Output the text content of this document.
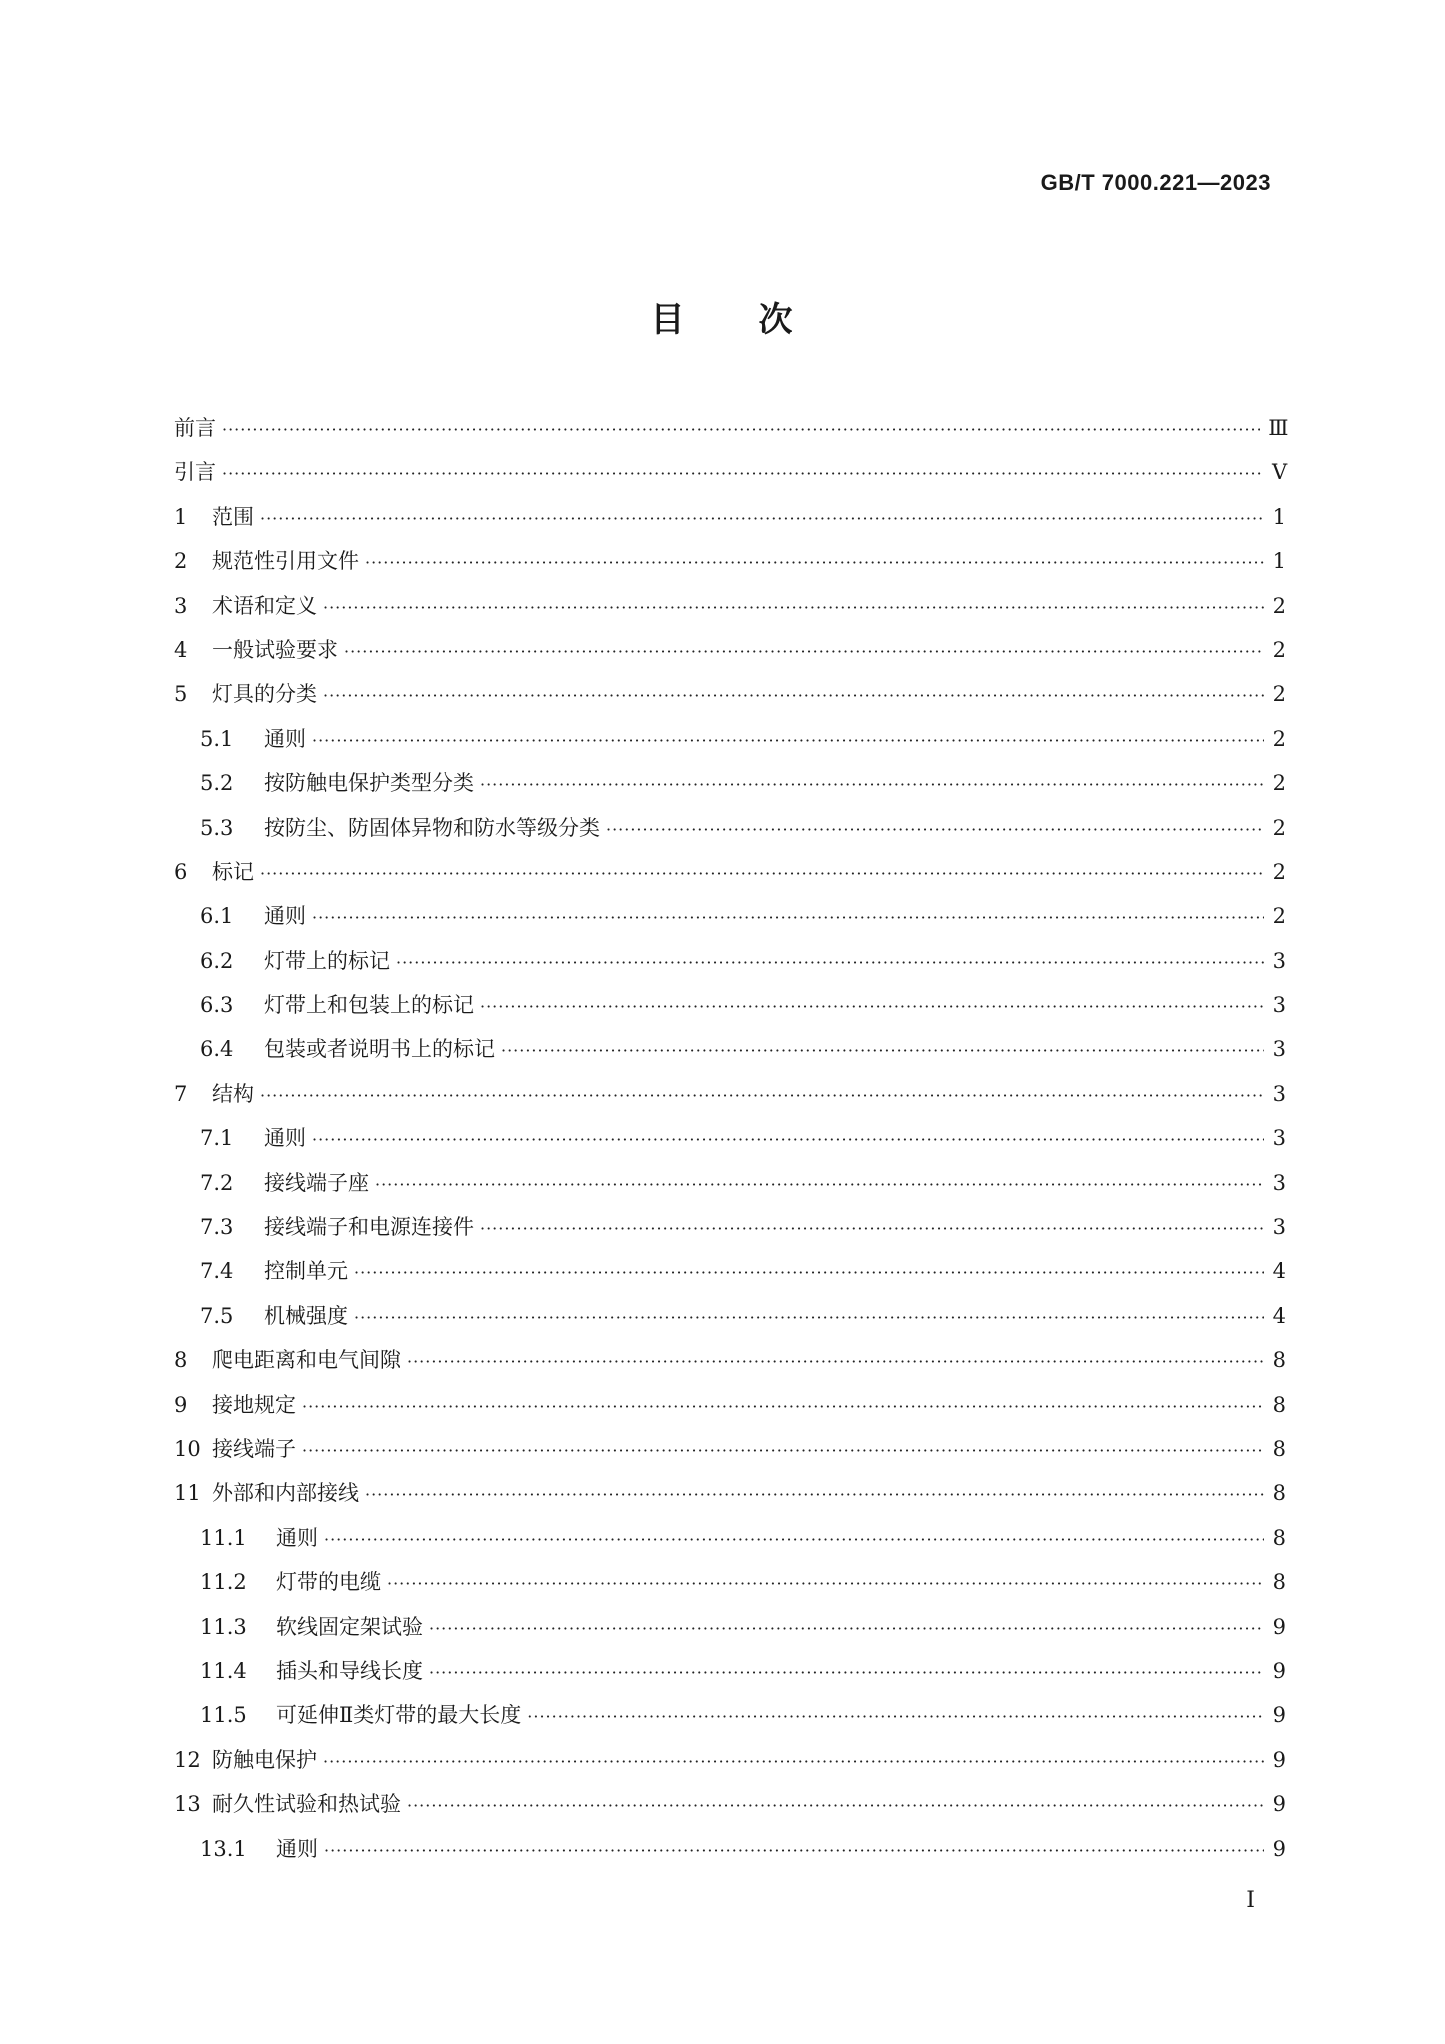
GB/T 7000.221—2023
目 次
前言 ·····	Ⅲ
引言 ·····	Ⅴ
1	范围 ·····	1
2	规范性引用文件 ·····	1
3	术语和定义 ·····	2
4	一般试验要求 ·····	2
5	灯具的分类 ·····	2
5.1	通则 ·····	2
5.2	按防触电保护类型分类 ·····	2
5.3	按防尘、防固体异物和防水等级分类 ·····	2
6	标记 ·····	2
6.1	通则 ·····	2
6.2	灯带上的标记 ·····	3
6.3	灯带上和包装上的标记 ·····	3
6.4	包装或者说明书上的标记 ·····	3
7	结构 ·····	3
7.1	通则 ·····	3
7.2	接线端子座 ·····	3
7.3	接线端子和电源连接件 ·····	3
7.4	控制单元 ·····	4
7.5	机械强度 ·····	4
8	爬电距离和电气间隙 ·····	8
9	接地规定 ·····	8
10 接线端子 ·····	8
11 外部和内部接线 ·····	8
11.1	通则 ·····	8
11.2	灯带的电缆 ·····	8
11.3	软线固定架试验 ·····	9
11.4	插头和导线长度 ·····	9
11.5	可延伸Ⅱ类灯带的最大长度 ·····	9
12 防触电保护 ·····	9
13 耐久性试验和热试验 ·····	9
13.1	通则 ·····	9
Ⅰ
